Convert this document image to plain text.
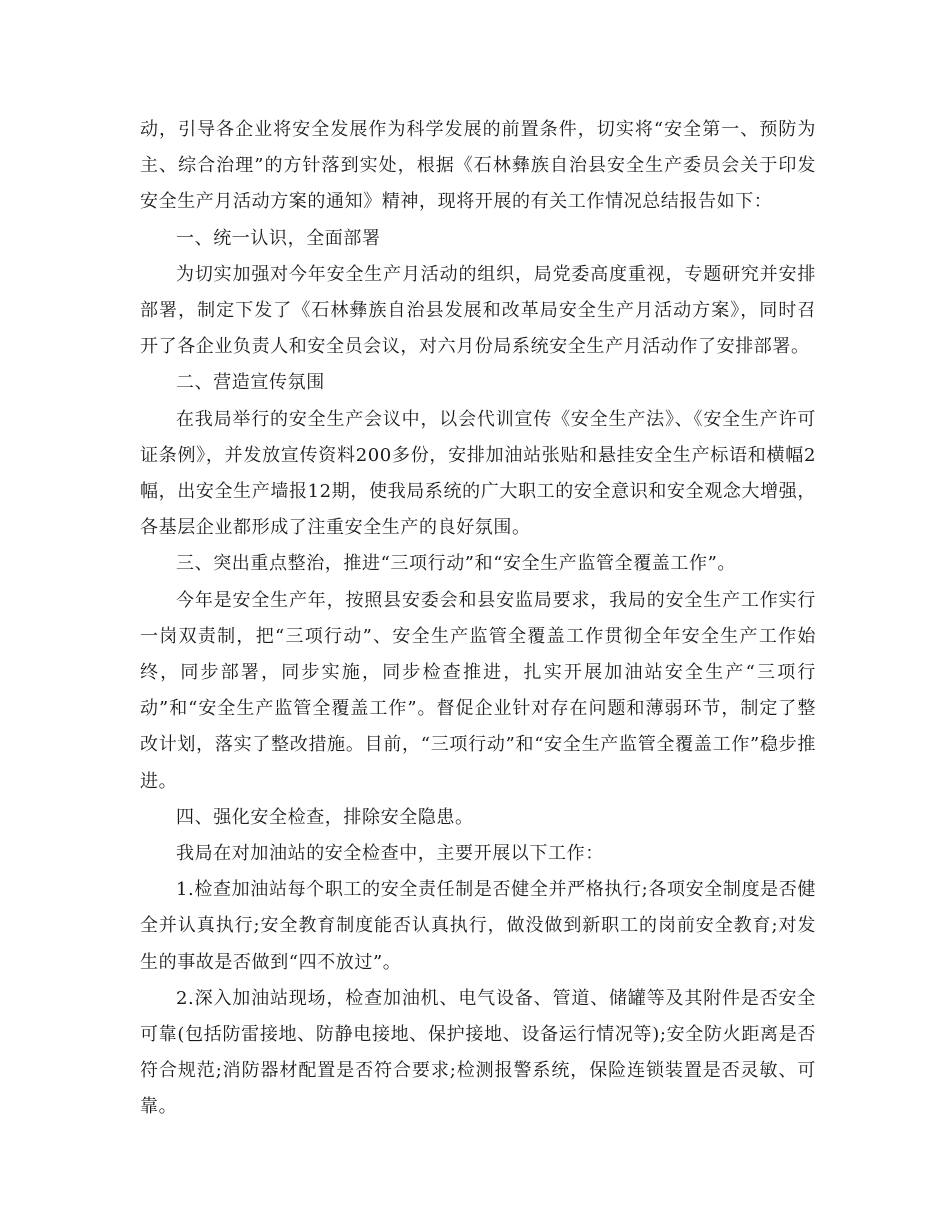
动，引导各企业将安全发展作为科学发展的前置条件，切实将“安全第一、预防为主、综合治理”的方针落到实处，根据《石林彝族自治县安全生产委员会关于印发安全生产月活动方案的通知》精神，现将开展的有关工作情况总结报告如下：

一、统一认识，全面部署

为切实加强对今年安全生产月活动的组织，局党委高度重视，专题研究并安排部署，制定下发了《石林彝族自治县发展和改革局安全生产月活动方案》，同时召开了各企业负责人和安全员会议，对六月份局系统安全生产月活动作了安排部署。

二、营造宣传氛围

在我局举行的安全生产会议中，以会代训宣传《安全生产法》、《安全生产许可证条例》，并发放宣传资料200多份，安排加油站张贴和悬挂安全生产标语和横幅2幅，出安全生产墙报12期，使我局系统的广大职工的安全意识和安全观念大增强，各基层企业都形成了注重安全生产的良好氛围。

三、突出重点整治，推进“三项行动”和“安全生产监管全覆盖工作”。

今年是安全生产年，按照县安委会和县安监局要求，我局的安全生产工作实行一岗双责制，把“三项行动”、安全生产监管全覆盖工作贯彻全年安全生产工作始终，同步部署，同步实施，同步检查推进，扎实开展加油站安全生产“三项行动”和“安全生产监管全覆盖工作”。督促企业针对存在问题和薄弱环节，制定了整改计划，落实了整改措施。目前，“三项行动”和“安全生产监管全覆盖工作”稳步推进。

四、强化安全检查，排除安全隐患。

我局在对加油站的安全检查中，主要开展以下工作：

1.检查加油站每个职工的安全责任制是否健全并严格执行;各项安全制度是否健全并认真执行;安全教育制度能否认真执行，做没做到新职工的岗前安全教育;对发生的事故是否做到“四不放过”。

2.深入加油站现场，检查加油机、电气设备、管道、储罐等及其附件是否安全可靠(包括防雷接地、防静电接地、保护接地、设备运行情况等);安全防火距离是否符合规范;消防器材配置是否符合要求;检测报警系统，保险连锁装置是否灵敏、可靠。
